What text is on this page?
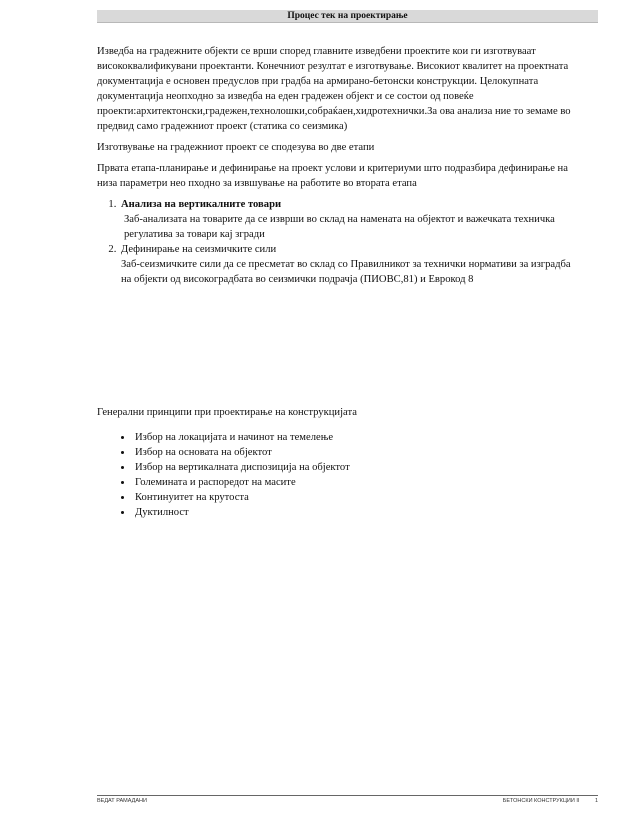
Процес тек на проектирање

Изведба на градежните објекти се врши според главните изведбени проектите кои ги изготвуваат висококвалификувани проектанти. Конечниот резултат е изготвување. Високиот квалитет на проектната документација е основен предуслов при градба на армирано-бетонски конструкции. Целокупната документација неопходно за изведба на еден градежен објект и се состои од повеќе проекти:архитектонски,градежен,технолошки,собраќаен,хидротехнички.За ова анализа ние то земаме во предвид само градежниот проект (статика со сеизмика)

Изготвување на градежниот проект се сподезува во две етапи

Првата етапа-планирање и дефинирање на проект услови и критериуми што подразбира дефинирање на низа параметри нео пходно за извшување на работите во втората етапа

1. Анализа на вертикалните товари
Заб-анализата на товарите да се изврши во склад на намената на објектот и важечката техничка регулатива за товари кај згради
2. Дефинирање на сеизмичките сили
Заб-сеизмичките сили да се пресметат во склад со Правилникот за технички нормативи за изградба на објекти од високоградбата во сеизмички подрачја (ПИОВС,81) и Еврокод 8

Генерални принципи при проектирање на конструкцијата

• Избор на локацијата и начинот на темелење
• Избор на основата на објектот
• Избор на вертикалната диспозиција на објектот
• Големината и распоредот на масите
• Континуитет на крутоста
• Дуктилност
ВЕДАТ РАМАДАНИ	БЕТОНСКИ КОНСТРУКЦИИ II	1
